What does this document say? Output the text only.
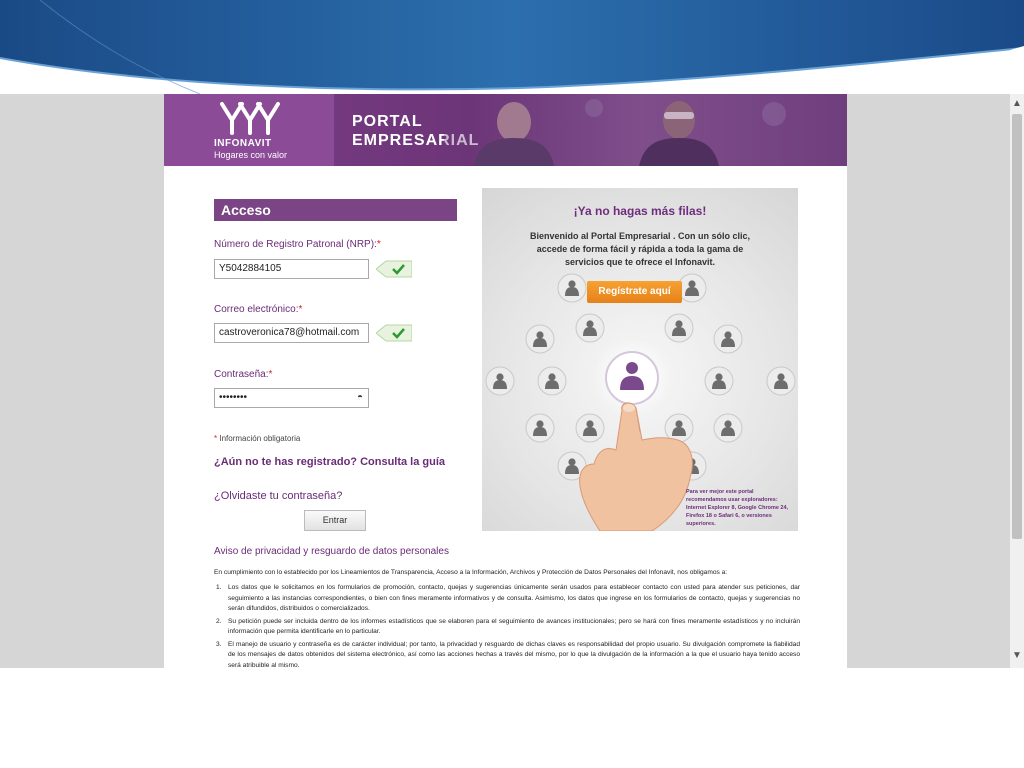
INFONAVIT
Hogares con valor
PORTAL
EMPRESARIAL
Acceso
Número de Registro Patronal (NRP):*
Y5042884105
Correo electrónico:*
castroveronica78@hotmail.com
Contraseña:*
••••••••	◓
* Información obligatoria
¿Aún no te has registrado? Consulta la guía
¿Olvidaste tu contraseña?
Entrar
¡Ya no hagas más filas!
Bienvenido al Portal Empresarial . Con un sólo clic, accede de forma fácil y rápida a toda la gama de servicios que te ofrece el Infonavit.
Regístrate aquí
Para ver mejor este portal recomendamos usar exploradores: Internet Explorer 8, Google Chrome 24, Firefox 18 o Safari 6, o versiones superiores.
Aviso de privacidad y resguardo de datos personales
En cumplimiento con lo establecido por los Lineamientos de Transparencia, Acceso a la Información, Archivos y Protección de Datos Personales del Infonavit, nos obligamos a:
1. Los datos que le solicitamos en los formularios de promoción, contacto, quejas y sugerencias únicamente serán usados para establecer contacto con usted para atender sus peticiones, dar seguimiento a las instancias correspondientes, o bien con fines meramente informativos y de consulta. Asimismo, los datos que ingrese en los formularios de contacto, quejas y sugerencias no serán difundidos, distribuidos o comercializados.
2. Su petición puede ser incluida dentro de los informes estadísticos que se elaboren para el seguimiento de avances institucionales; pero se hará con fines meramente estadísticos y no incluirán información que permita identificarle en lo particular.
3. El manejo de usuario y contraseña es de carácter individual; por tanto, la privacidad y resguardo de dichas claves es responsabilidad del propio usuario. Su divulgación compromete la fiabilidad de los mensajes de datos obtenidos del sistema electrónico, así como las acciones hechas a través del mismo, por lo que la divulgación de la información a la que el usuario haya tenido acceso será atribuible al mismo.
▲
▼
